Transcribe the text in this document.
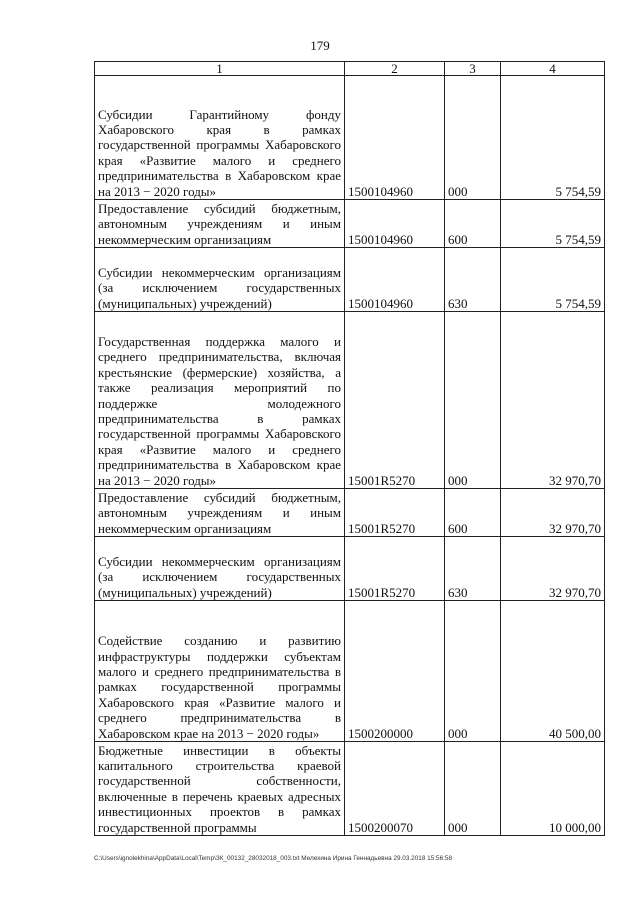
179
1	2	3	4
Субсидии Гарантийному фонду Хабаровского края в рамках государственной программы Хабаровского края «Развитие малого и среднего предпринимательства в Хабаровском крае на 2013 − 2020 годы»	1500104960	000	5 754,59
Предоставление субсидий бюджетным, автономным учреждениям и иным некоммерческим организациям	1500104960	600	5 754,59
Субсидии некоммерческим организациям (за исключением государственных (муниципальных) учреждений)	1500104960	630	5 754,59
Государственная поддержка малого и среднего предпринимательства, включая крестьянские (фермерские) хозяйства, а также реализация мероприятий по поддержке молодежного предпринимательства в рамках государственной программы Хабаровского края «Развитие малого и среднего предпринимательства в Хабаровском крае на 2013 − 2020 годы»	15001R5270	000	32 970,70
Предоставление субсидий бюджетным, автономным учреждениям и иным некоммерческим организациям	15001R5270	600	32 970,70
Субсидии некоммерческим организациям (за исключением государственных (муниципальных) учреждений)	15001R5270	630	32 970,70
Содействие созданию и развитию инфраструктуры поддержки субъектам малого и среднего предпринимательства в рамках государственной программы Хабаровского края «Развитие малого и среднего предпринимательства в Хабаровском крае на 2013 − 2020 годы»	1500200000	000	40 500,00
Бюджетные инвестиции в объекты капитального строительства краевой государственной собственности, включенные в перечень краевых адресных инвестиционных проектов в рамках государственной программы	1500200070	000	10 000,00
C:\Users\ignolekhina\AppData\Local\Temp\ЗК_00132_28032018_003.txt Мелехина Ирина Геннадьевна 29.03.2018 15:56:58
